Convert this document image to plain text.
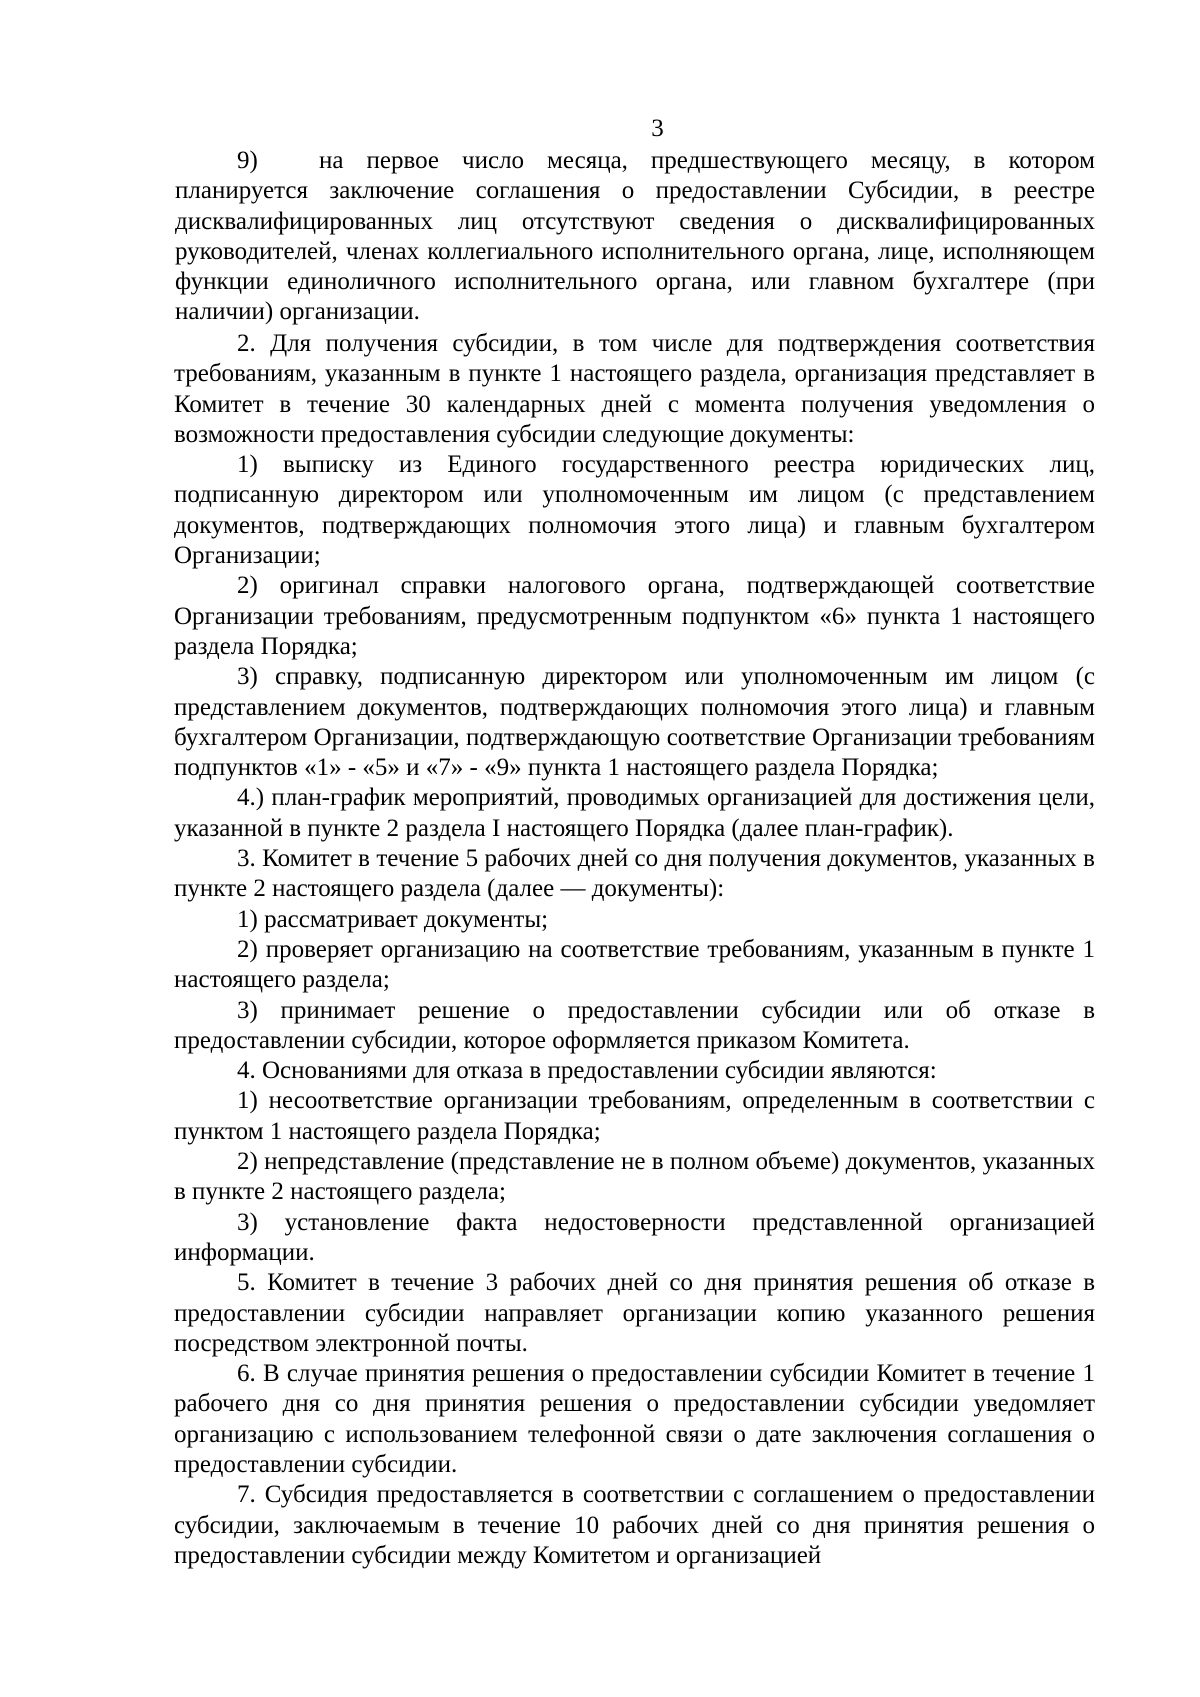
3

9) на первое число месяца, предшествующего месяцу, в котором планируется заключение соглашения о предоставлении Субсидии, в реестре дисквалифицированных лиц отсутствуют сведения о дисквалифицированных руководителей, членах коллегиального исполнительного органа, лице, исполняющем функции единоличного исполнительного органа, или главном бухгалтере (при наличии) организации.

2. Для получения субсидии, в том числе для подтверждения соответствия требованиям, указанным в пункте 1 настоящего раздела, организация представляет в Комитет в течение 30 календарных дней с момента получения уведомления о возможности предоставления субсидии следующие документы:

1) выписку из Единого государственного реестра юридических лиц, подписанную директором или уполномоченным им лицом (с представлением документов, подтверждающих полномочия этого лица) и главным бухгалтером Организации;

2) оригинал справки налогового органа, подтверждающей соответствие Организации требованиям, предусмотренным подпунктом «6» пункта 1 настоящего раздела Порядка;

3) справку, подписанную директором или уполномоченным им лицом (с представлением документов, подтверждающих полномочия этого лица) и главным бухгалтером Организации, подтверждающую соответствие Организации требованиям подпунктов «1» - «5» и «7» - «9» пункта 1 настоящего раздела Порядка;

4.) план-график мероприятий, проводимых организацией для достижения цели, указанной в пункте 2 раздела I настоящего Порядка (далее план-график).

3. Комитет в течение 5 рабочих дней со дня получения документов, указанных в пункте 2 настоящего раздела (далее — документы):

1) рассматривает документы;

2) проверяет организацию на соответствие требованиям, указанным в пункте 1 настоящего раздела;

3) принимает решение о предоставлении субсидии или об отказе в предоставлении субсидии, которое оформляется приказом Комитета.

4. Основаниями для отказа в предоставлении субсидии являются:

1) несоответствие организации требованиям, определенным в соответствии с пунктом 1 настоящего раздела Порядка;

2) непредставление (представление не в полном объеме) документов, указанных в пункте 2 настоящего раздела;

3) установление факта недостоверности представленной организацией информации.

5. Комитет в течение 3 рабочих дней со дня принятия решения об отказе в предоставлении субсидии направляет организации копию указанного решения посредством электронной почты.

6. В случае принятия решения о предоставлении субсидии Комитет в течение 1 рабочего дня со дня принятия решения о предоставлении субсидии уведомляет организацию с использованием телефонной связи о дате заключения соглашения о предоставлении субсидии.

7. Субсидия предоставляется в соответствии с соглашением о предоставлении субсидии, заключаемым в течение 10 рабочих дней со дня принятия решения о предоставлении субсидии между Комитетом и организацией
